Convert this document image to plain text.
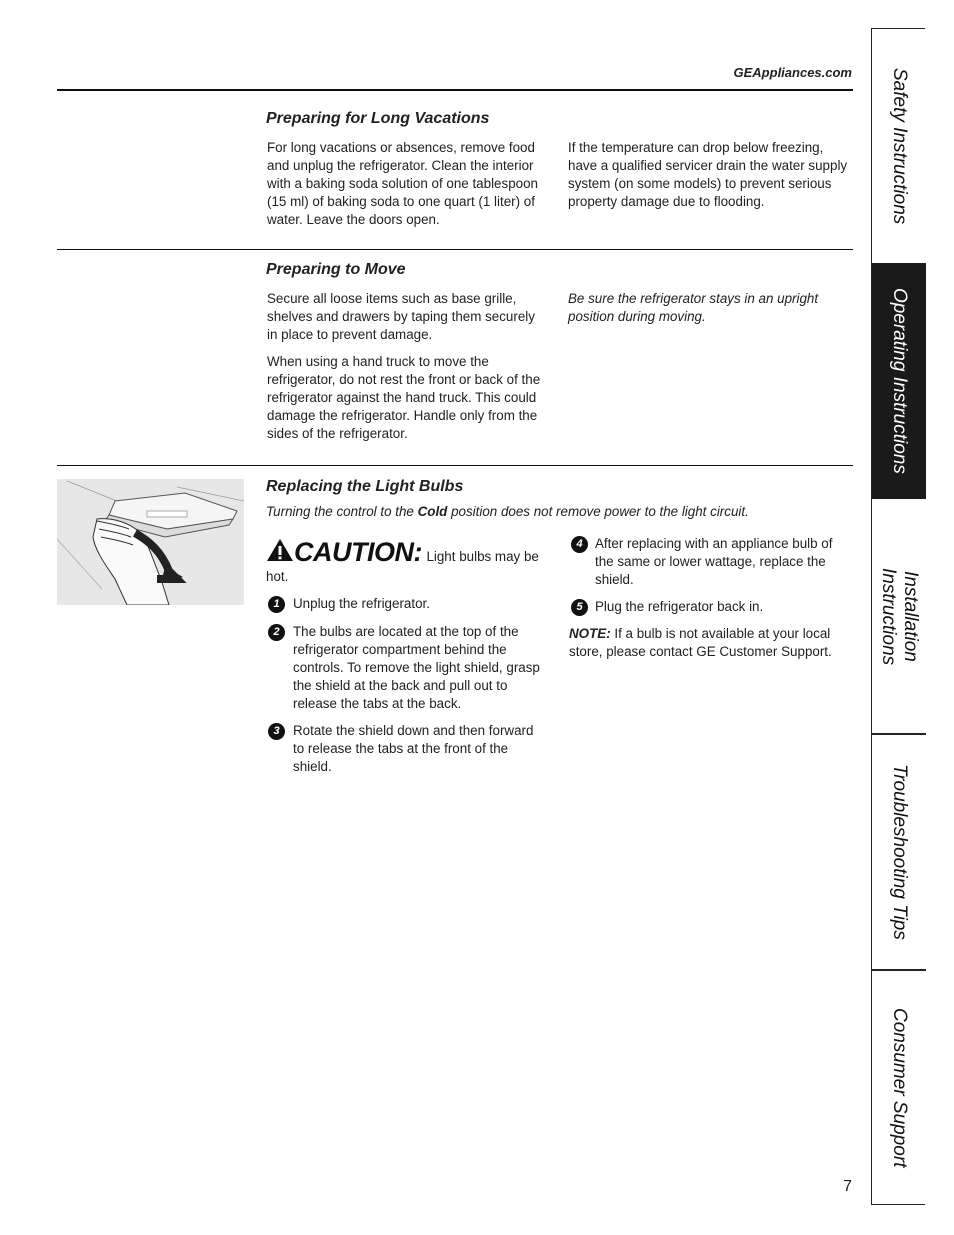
GEAppliances.com
Preparing for Long Vacations

For long vacations or absences, remove food and unplug the refrigerator. Clean the interior with a baking soda solution of one tablespoon (15 ml) of baking soda to one quart (1 liter) of water. Leave the doors open.

If the temperature can drop below freezing, have a qualified servicer drain the water supply system (on some models) to prevent serious property damage due to flooding.

Preparing to Move

Secure all loose items such as base grille, shelves and drawers by taping them securely in place to prevent damage.

When using a hand truck to move the refrigerator, do not rest the front or back of the refrigerator against the hand truck. This could damage the refrigerator. Handle only from the sides of the refrigerator.

Be sure the refrigerator stays in an upright position during moving.

Replacing the Light Bulbs
Turning the control to the Cold position does not remove power to the light circuit.
CAUTION: Light bulbs may be hot.
1	Unplug the refrigerator.
2	The bulbs are located at the top of the refrigerator compartment behind the controls. To remove the light shield, grasp the shield at the back and pull out to release the tabs at the back.
3	Rotate the shield down and then forward to release the tabs at the front of the shield.
4 After replacing with an appliance bulb of the same or lower wattage, replace the shield.
5 Plug the refrigerator back in.

NOTE: If a bulb is not available at your local store, please contact GE Customer Support.

Safety Instructions
Operating Instructions
Installation
Instructions
Troubleshooting Tips
Consumer Support
7
